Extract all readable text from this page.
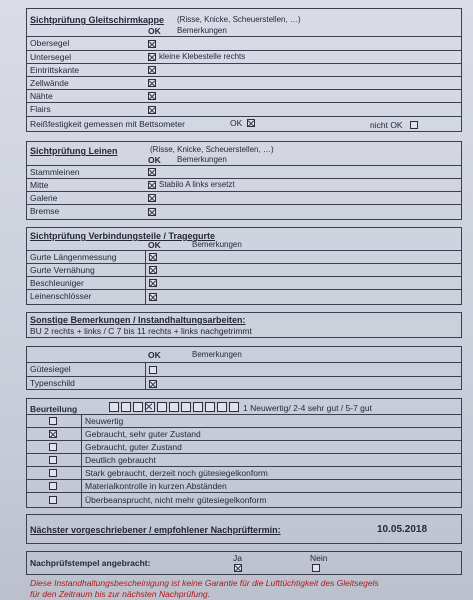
Sichtprüfung Gleitschirmkappe (Risse, Knicke, Scheuerstellen, …)
OK Bemerkungen
Obersegel
Untersegel	kleine Klebestelle rechts
Eintrittskante
Zellwände
Nähte
Flairs
Reißfestigkeit gemessen mit Bettsometer	OK	nicht OK
Sichtprüfung Leinen	(Risse, Knicke, Scheuerstellen, …)
OK Bemerkungen
Stammleinen
Mitte	Stabilo A links ersetzt
Galerie
Bremse
Sichtprüfung Verbindungsteile / Tragegurte
OK	Bemerkungen
Gurte Längenmessung
Gurte Vernähung
Beschleuniger
Leinenschlösser
Sonstige Bemerkungen / Instandhaltungsarbeiten:
BU 2 rechts + links / C 7 bis 11 rechts + links nachgetrimmt
OK	Bemerkungen
Gütesiegel
Typenschild
Beurteilung	1 Neuwertig/ 2-4 sehr gut / 5-7 gut
Neuwertig
Gebraucht, sehr guter Zustand
Gebraucht, guter Zustand
Deutlich gebraucht
Stark gebraucht, derzeit noch gütesiegelkonform
Materialkontrolle in kurzen Abständen
Überbeansprucht, nicht mehr gütesiegelkonform
Nächster vorgeschriebener / empfohlener Nachprüftermin:	10.05.2018
Nachprüfstempel angebracht:	Ja	Nein
Diese Instandhaltungsbescheinigung ist keine Garantie für die Lufttüchtigkeit des Gleitsegels
für den Zeitraum bis zur nächsten Nachprüfung.
